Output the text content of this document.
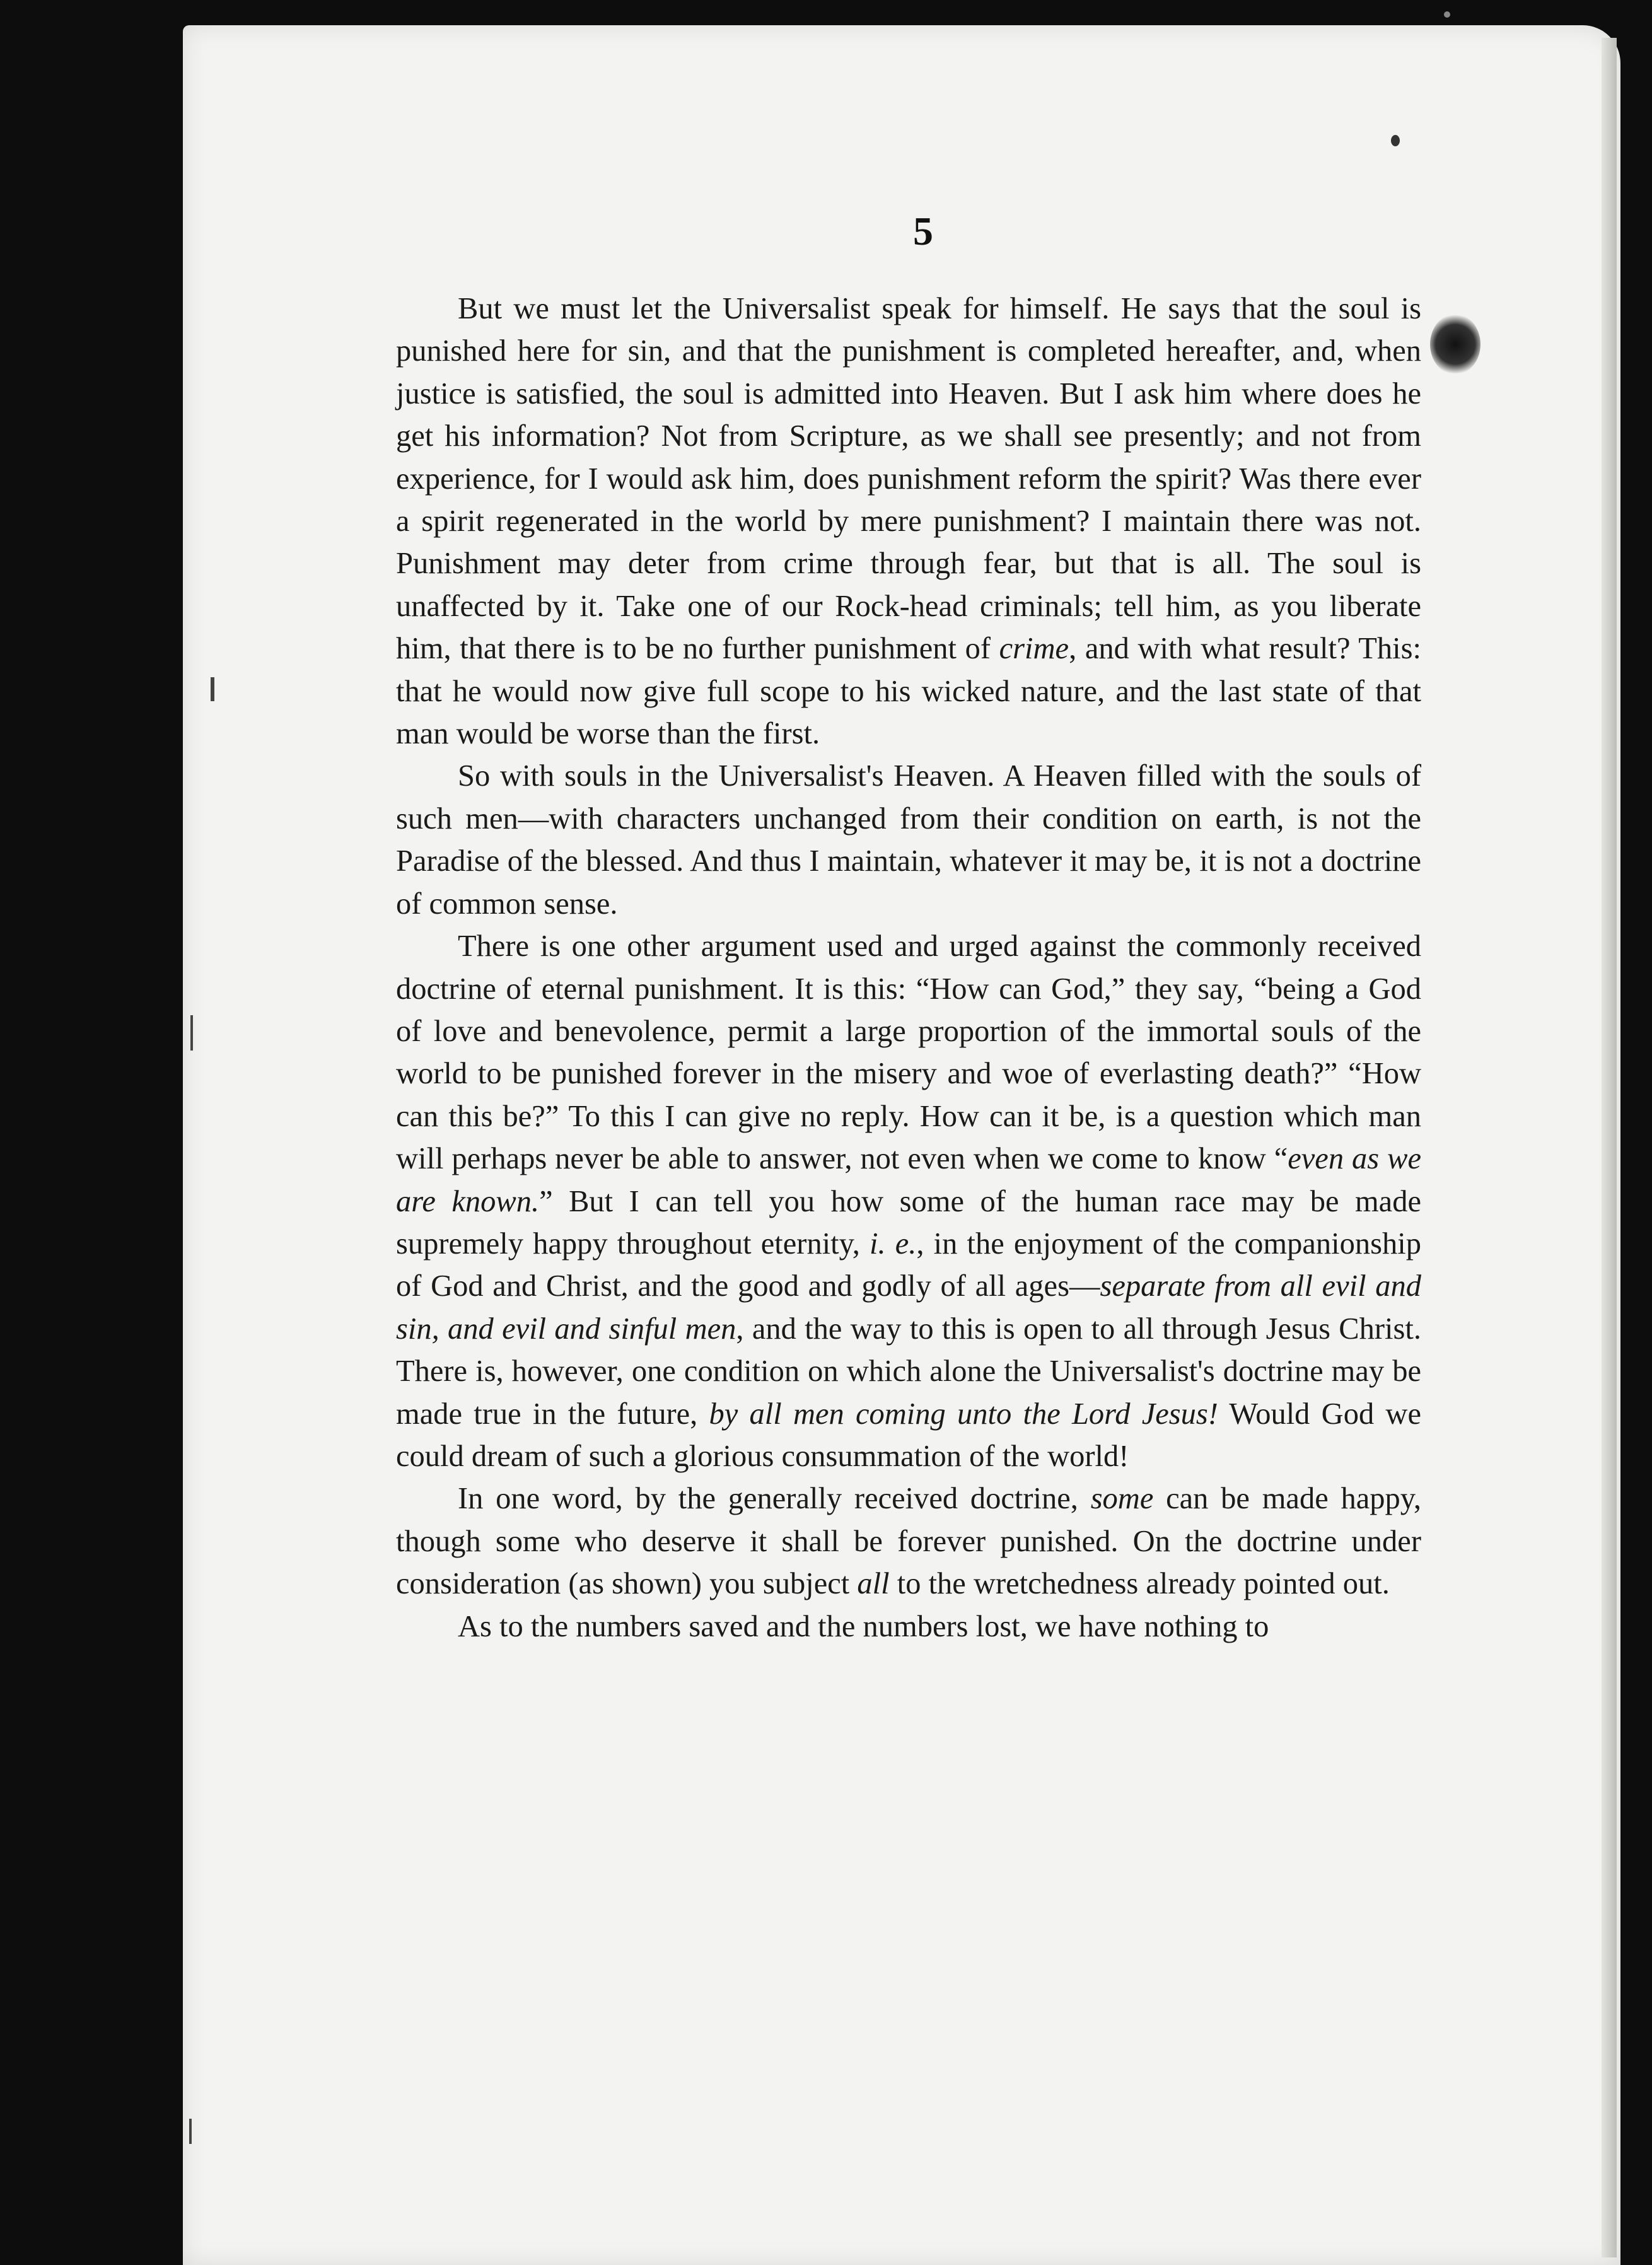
5

But we must let the Universalist speak for himself. He says that the soul is punished here for sin, and that the punishment is completed hereafter, and, when justice is satisfied, the soul is admitted into Heaven. But I ask him where does he get his information? Not from Scripture, as we shall see presently; and not from experience, for I would ask him, does punishment reform the spirit? Was there ever a spirit regenerated in the world by mere punishment? I maintain there was not. Punishment may deter from crime through fear, but that is all. The soul is unaffected by it. Take one of our Rock-head criminals; tell him, as you liberate him, that there is to be no further punishment of crime, and with what result? This: that he would now give full scope to his wicked nature, and the last state of that man would be worse than the first.

So with souls in the Universalist's Heaven. A Heaven filled with the souls of such men—with characters unchanged from their condition on earth, is not the Paradise of the blessed. And thus I maintain, whatever it may be, it is not a doctrine of common sense.

There is one other argument used and urged against the commonly received doctrine of eternal punishment. It is this: “How can God,” they say, “being a God of love and benevolence, permit a large proportion of the immortal souls of the world to be punished forever in the misery and woe of everlasting death?” “How can this be?” To this I can give no reply. How can it be, is a question which man will perhaps never be able to answer, not even when we come to know “even as we are known.” But I can tell you how some of the human race may be made supremely happy throughout eternity, i. e., in the enjoyment of the companionship of God and Christ, and the good and godly of all ages—separate from all evil and sin, and evil and sinful men, and the way to this is open to all through Jesus Christ. There is, however, one condition on which alone the Universalist's doctrine may be made true in the future, by all men coming unto the Lord Jesus! Would God we could dream of such a glorious consummation of the world!

In one word, by the generally received doctrine, some can be made happy, though some who deserve it shall be forever punished. On the doctrine under consideration (as shown) you subject all to the wretchedness already pointed out.

As to the numbers saved and the numbers lost, we have nothing to
